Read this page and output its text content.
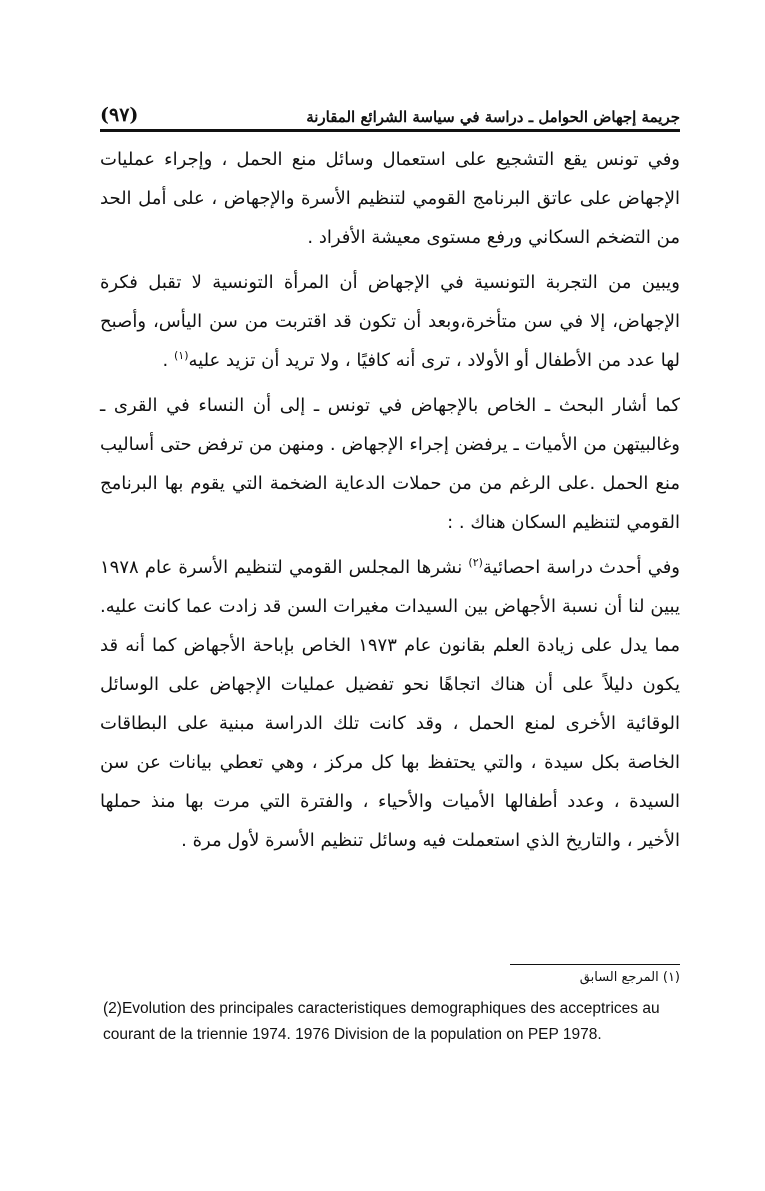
(٩٧)	جريمة إجهاض الحوامل ـ دراسة في سياسة الشرائع المقارنة

وفي تونس يقع التشجيع على استعمال وسائل منع الحمل ، وإجراء عمليات الإجهاض على عاتق البرنامج القومي لتنظيم الأسرة والإجهاض ، على أمل الحد من التضخم السكاني ورفع مستوى معيشة الأفراد .

ويبين من التجربة التونسية في الإجهاض أن المرأة التونسية لا تقبل فكرة الإجهاض، إلا في سن متأخرة،وبعد أن تكون قد اقتربت من سن اليأس، وأصبح لها عدد من الأطفال أو الأولاد ، ترى أنه كافيًا ، ولا تريد أن تزيد عليه$^{(١)}$ .

كما أشار البحث ـ الخاص بالإجهاض في تونس ـ إلى أن النساء في القرى ـ وغالبيتهن من الأميات ـ يرفضن إجراء الإجهاض . ومنهن من ترفض حتى أساليب منع الحمل .على الرغم من من حملات الدعاية الضخمة التي يقوم بها البرنامج القومي لتنظيم السكان هناك . :

وفي أحدث دراسة احصائية$^{(٢)}$ نشرها المجلس القومي لتنظيم الأسرة عام ١٩٧٨ يبين لنا أن نسبة الأجهاض بين السيدات مغيرات السن قد زادت عما كانت عليه. مما يدل على زيادة العلم بقانون عام ١٩٧٣ الخاص بإباحة الأجهاض كما أنه قد يكون دليلاً على أن هناك اتجاهًا نحو تفضيل عمليات الإجهاض على الوسائل الوقائية الأخرى لمنع الحمل ، وقد كانت تلك الدراسة مبنية على البطاقات الخاصة بكل سيدة ، والتي يحتفظ بها كل مركز ، وهي تعطي بيانات عن سن السيدة ، وعدد أطفالها الأميات والأحياء ، والفترة التي مرت بها منذ حملها الأخير ، والتاريخ الذي استعملت فيه وسائل تنظيم الأسرة لأول مرة .

(١) المرجع السابق
(2)Evolution des principales caracteristiques demographiques des acceptrices au courant de la triennie 1974. 1976 Division de la population on PEP 1978.
